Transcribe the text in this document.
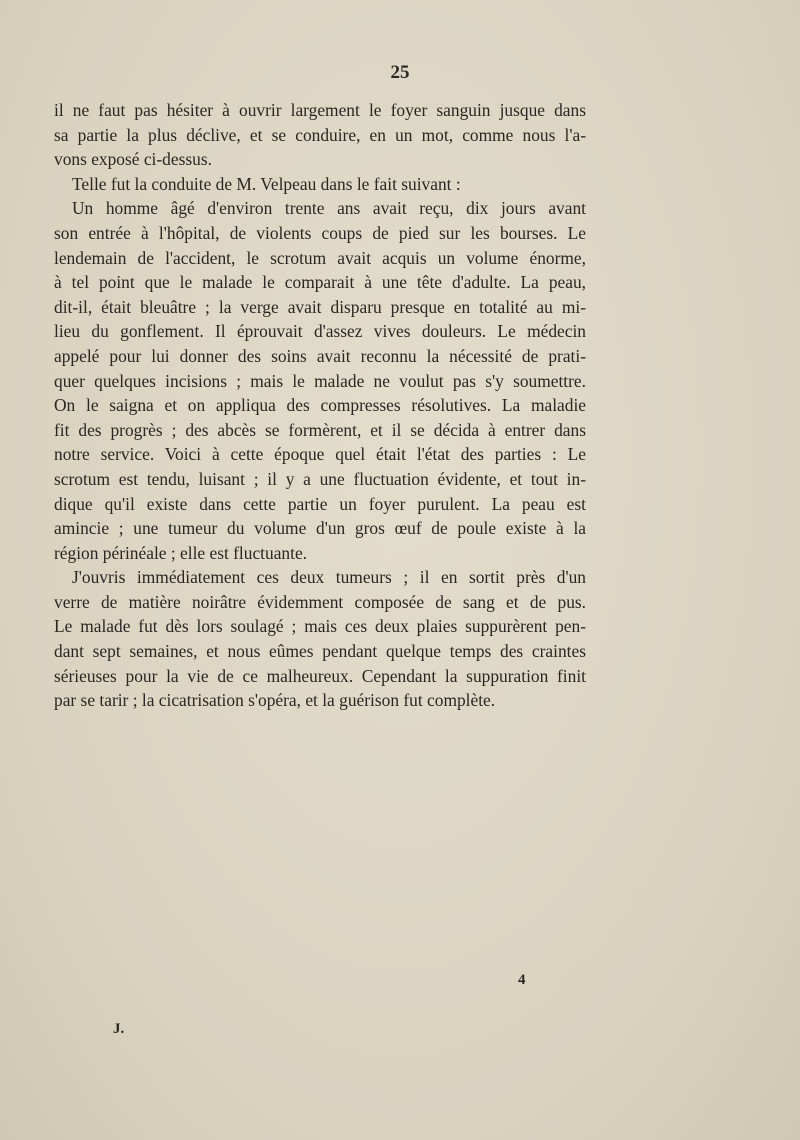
25
il ne faut pas hésiter à ouvrir largement le foyer sanguin jusque dans
sa partie la plus déclive, et se conduire, en un mot, comme nous l'a-
vons exposé ci-dessus.
Telle fut la conduite de M. Velpeau dans le fait suivant :
Un homme âgé d'environ trente ans avait reçu, dix jours avant
son entrée à l'hôpital, de violents coups de pied sur les bourses. Le
lendemain de l'accident, le scrotum avait acquis un volume énorme,
à tel point que le malade le comparait à une tête d'adulte. La peau,
dit-il, était bleuâtre ; la verge avait disparu presque en totalité au mi-
lieu du gonflement. Il éprouvait d'assez vives douleurs. Le médecin
appelé pour lui donner des soins avait reconnu la nécessité de prati-
quer quelques incisions ; mais le malade ne voulut pas s'y soumettre.
On le saigna et on appliqua des compresses résolutives. La maladie
fit des progrès ; des abcès se formèrent, et il se décida à entrer dans
notre service. Voici à cette époque quel était l'état des parties : Le
scrotum est tendu, luisant ; il y a une fluctuation évidente, et tout in-
dique qu'il existe dans cette partie un foyer purulent. La peau est
amincie ; une tumeur du volume d'un gros œuf de poule existe à la
région périnéale ; elle est fluctuante.
J'ouvris immédiatement ces deux tumeurs ; il en sortit près d'un
verre de matière noirâtre évidemment composée de sang et de pus.
Le malade fut dès lors soulagé ; mais ces deux plaies suppurèrent pen-
dant sept semaines, et nous eûmes pendant quelque temps des craintes
sérieuses pour la vie de ce malheureux. Cependant la suppuration finit
par se tarir ; la cicatrisation s'opéra, et la guérison fut complète.
4
J.
